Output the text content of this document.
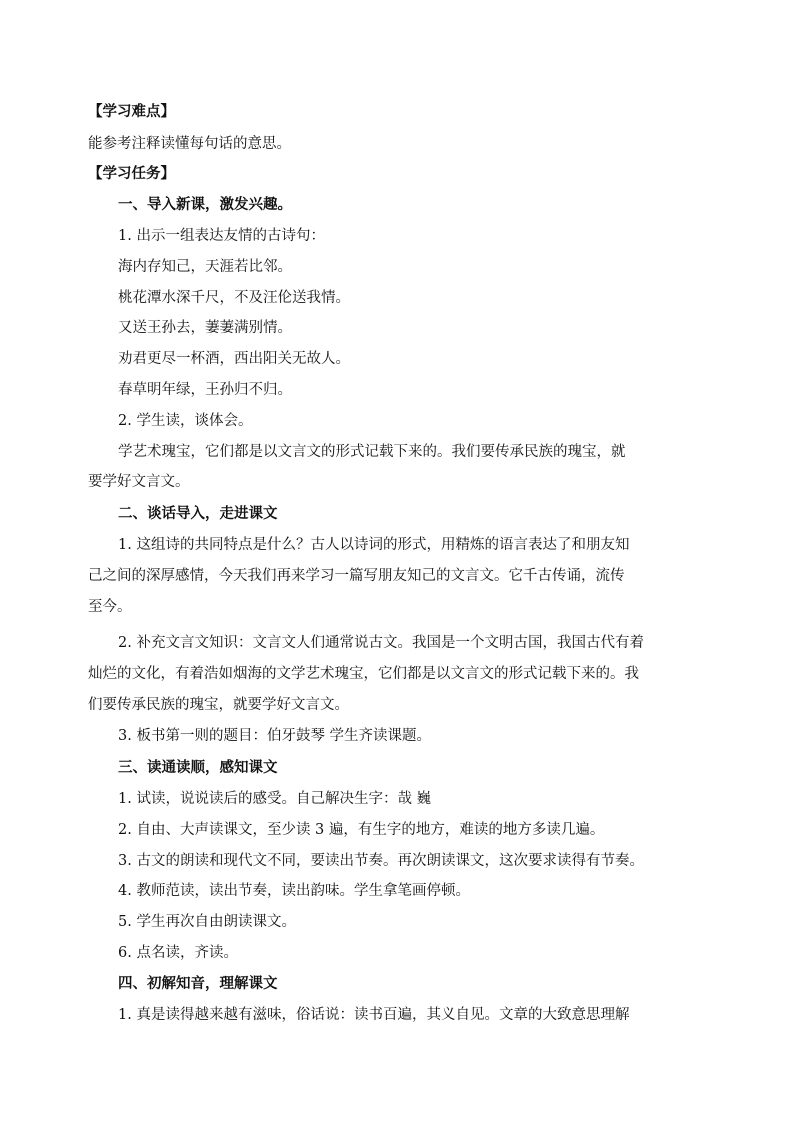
【学习难点】
能参考注释读懂每句话的意思。
【学习任务】
一、导入新课，激发兴趣。
1. 出示一组表达友情的古诗句：
海内存知己，天涯若比邻。
桃花潭水深千尺，不及汪伦送我情。
又送王孙去，萋萋满别情。
劝君更尽一杯酒，西出阳关无故人。
春草明年绿，王孙归不归。
2. 学生读，谈体会。
学艺术瑰宝，它们都是以文言文的形式记载下来的。我们要传承民族的瑰宝，就
要学好文言文。
二、谈话导入，走进课文
1. 这组诗的共同特点是什么？古人以诗词的形式，用精炼的语言表达了和朋友知
己之间的深厚感情，今天我们再来学习一篇写朋友知己的文言文。它千古传诵，流传
至今。
2. 补充文言文知识：文言文人们通常说古文。我国是一个文明古国，我国古代有着
灿烂的文化，有着浩如烟海的文学艺术瑰宝，它们都是以文言文的形式记载下来的。我
们要传承民族的瑰宝，就要学好文言文。
3. 板书第一则的题目：伯牙鼓琴 学生齐读课题。
三、读通读顺，感知课文
1. 试读，说说读后的感受。自己解决生字：哉 巍
2. 自由、大声读课文，至少读 3 遍，有生字的地方，难读的地方多读几遍。
3. 古文的朗读和现代文不同，要读出节奏。再次朗读课文，这次要求读得有节奏。
4. 教师范读，读出节奏，读出韵味。学生拿笔画停顿。
5. 学生再次自由朗读课文。
6. 点名读，齐读。
四、初解知音，理解课文
1. 真是读得越来越有滋味，俗话说：读书百遍，其义自见。文章的大致意思理解
